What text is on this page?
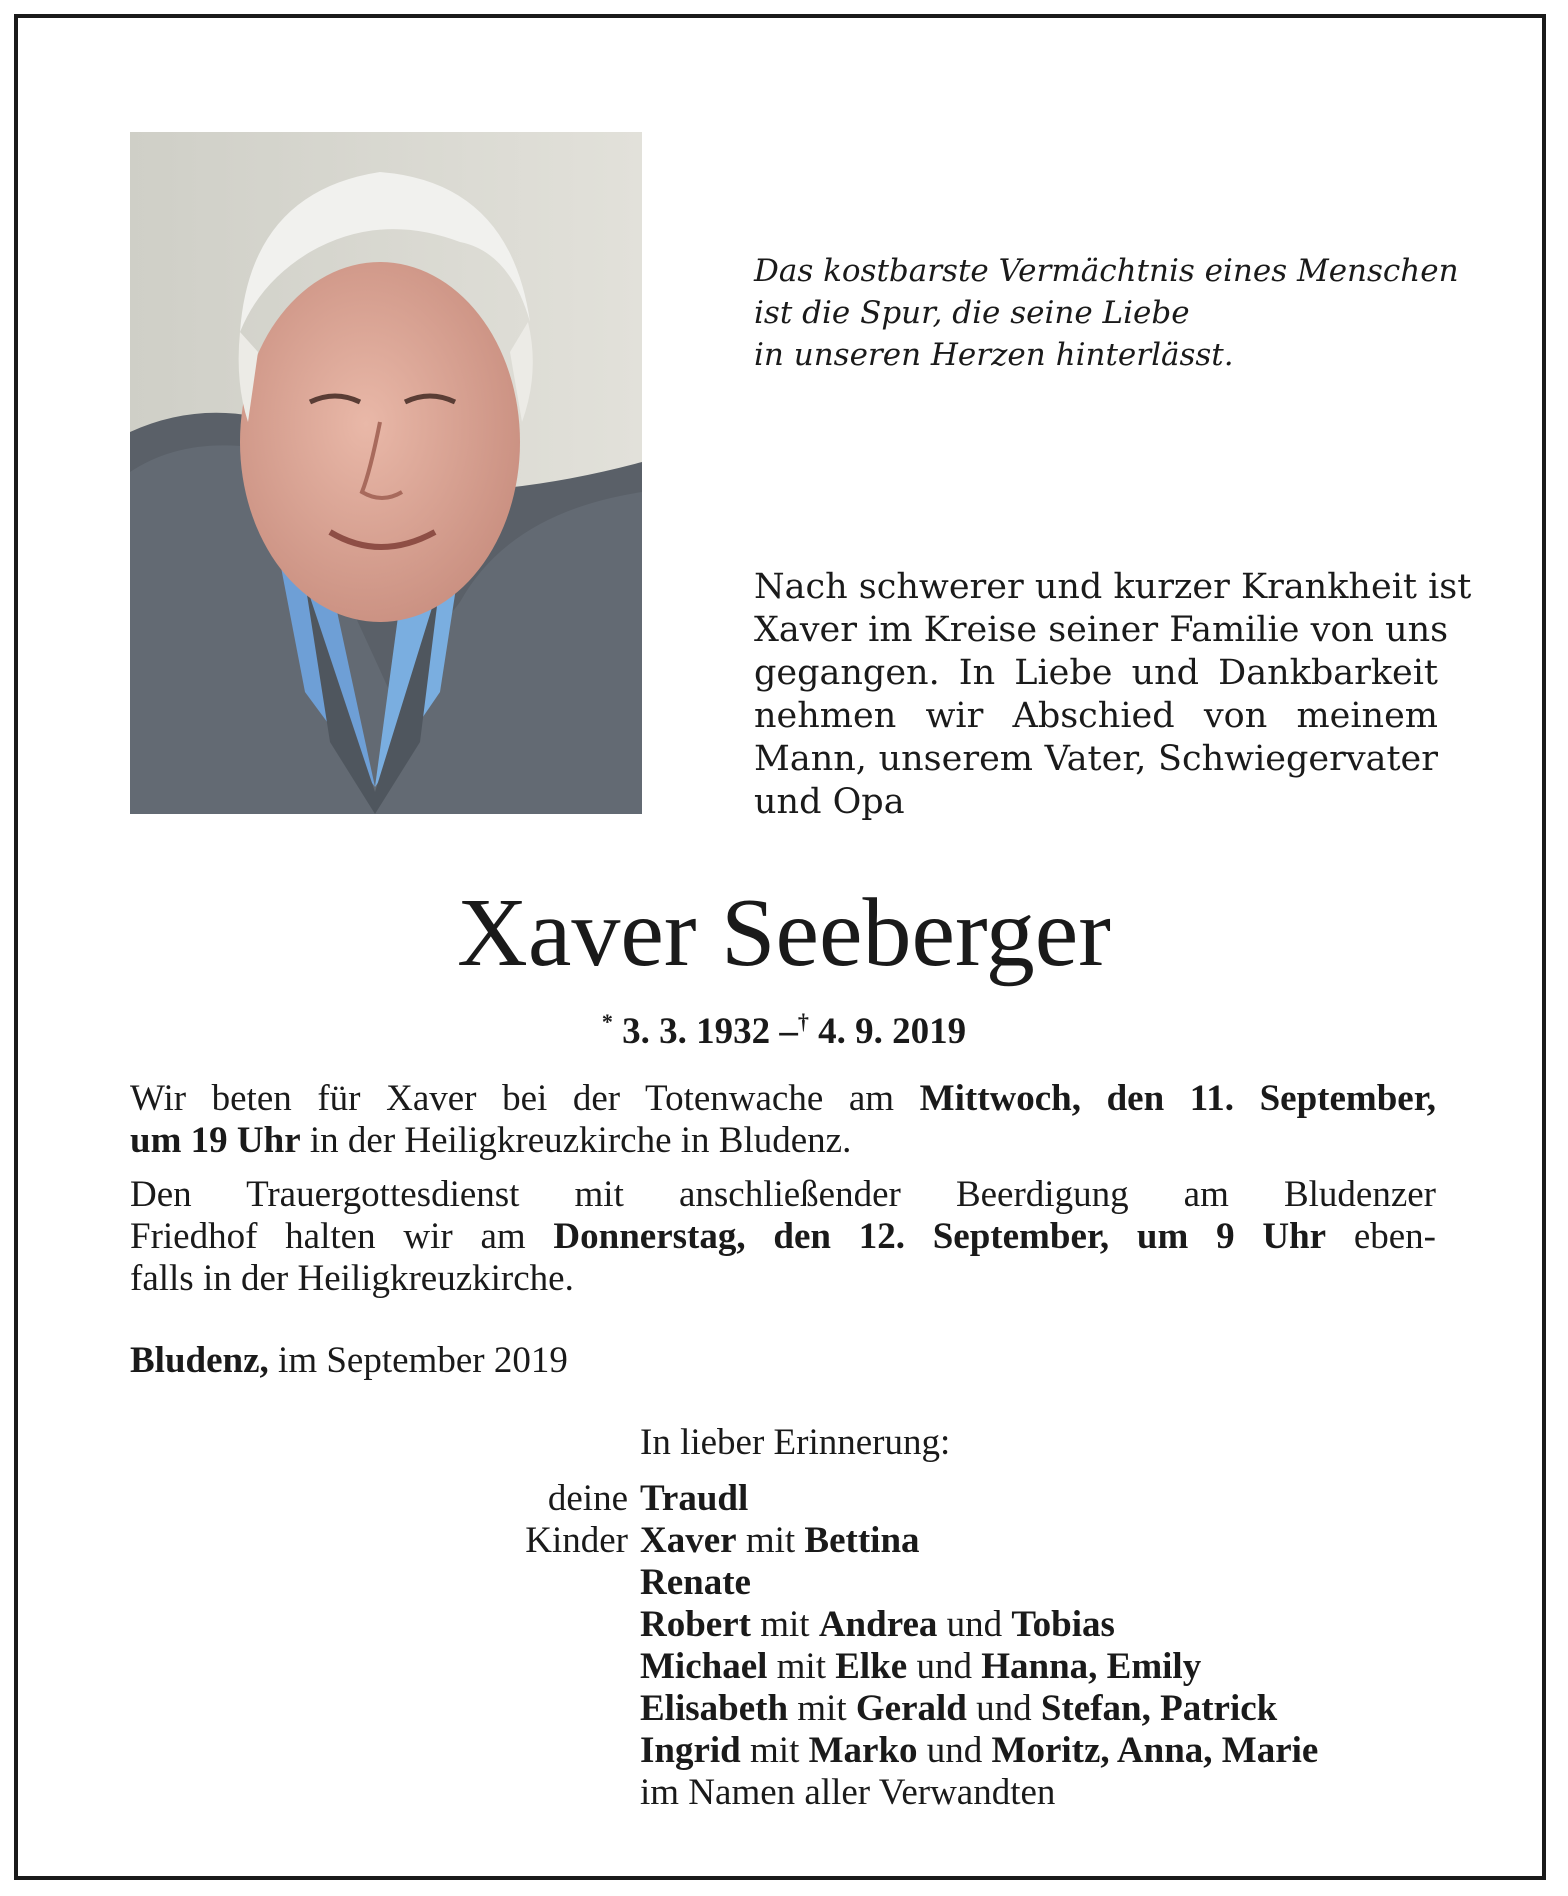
Das kostbarste Vermächtnis eines Menschen
ist die Spur, die seine Liebe
in unseren Herzen hinterlässt.
Nach schwerer und kurzer Krankheit ist
Xaver im Kreise seiner Familie von uns
gegangen. In Liebe und Dankbarkeit
nehmen wir Abschied von meinem
Mann, unserem Vater, Schwiegervater
und Opa
Xaver Seeberger
* 3. 3. 1932 –† 4. 9. 2019
Wir beten für Xaver bei der Totenwache am Mittwoch, den 11. September,
um 19 Uhr in der Heiligkreuzkirche in Bludenz.
Den Trauergottesdienst mit anschließender Beerdigung am Bludenzer
Friedhof halten wir am Donnerstag, den 12. September, um 9 Uhr eben-
falls in der Heiligkreuzkirche.
Bludenz, im September 2019
In lieber Erinnerung:
deine
Kinder
Traudl
Xaver mit Bettina
Renate
Robert mit Andrea und Tobias
Michael mit Elke und Hanna, Emily
Elisabeth mit Gerald und Stefan, Patrick
Ingrid mit Marko und Moritz, Anna, Marie
im Namen aller Verwandten
